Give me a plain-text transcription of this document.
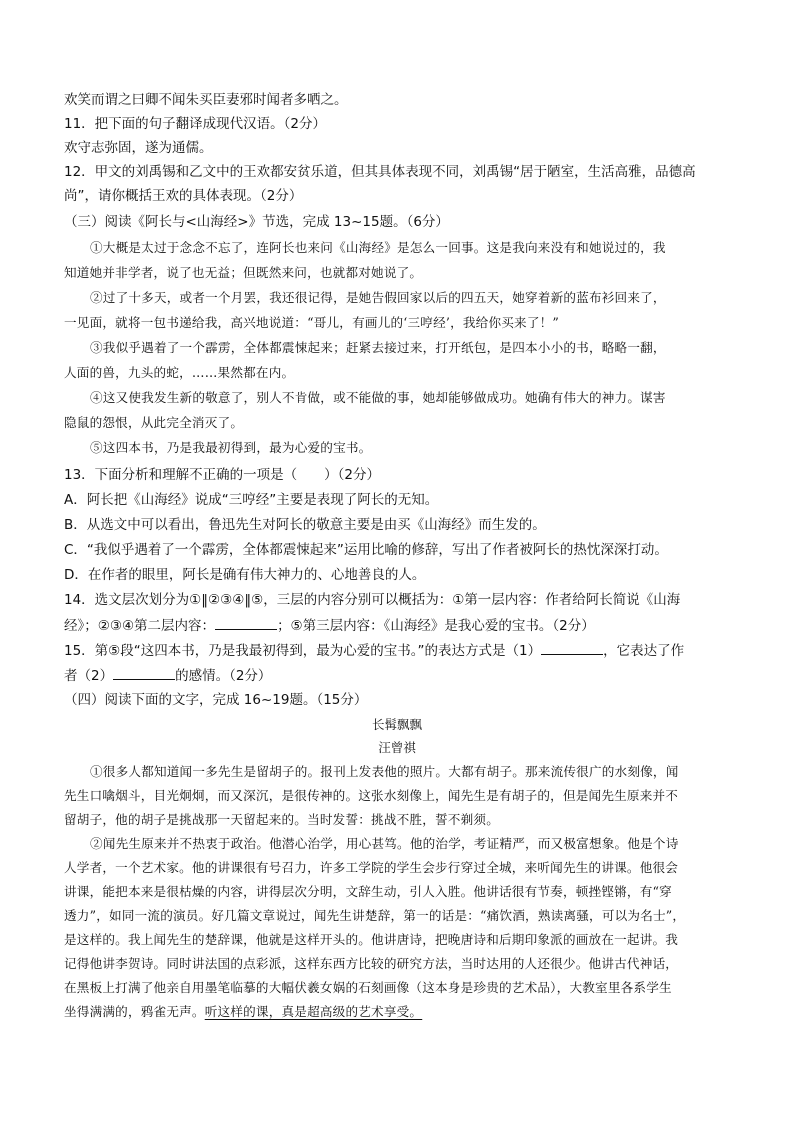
欢笑而谓之曰卿不闻朱买臣妻邪时闻者多哂之。
11．把下面的句子翻译成现代汉语。（2分）
欢守志弥固，遂为通儒。
12．甲文的刘禹锡和乙文中的王欢都安贫乐道，但其具体表现不同，刘禹锡“居于陋室，生活高雅，品德高
尚”，请你概括王欢的具体表现。（2分）
（三）阅读《阿长与<山海经>》节选，完成 13~15题。（6分）
①大概是太过于念念不忘了，连阿长也来问《山海经》是怎么一回事。这是我向来没有和她说过的，我
知道她并非学者，说了也无益；但既然来问，也就都对她说了。
②过了十多天，或者一个月罢，我还很记得，是她告假回家以后的四五天，她穿着新的蓝布衫回来了，
一见面，就将一包书递给我，高兴地说道：“哥儿，有画儿的‘三哼经’，我给你买来了！”
③我似乎遇着了一个霹雳，全体都震悚起来；赶紧去接过来，打开纸包，是四本小小的书，略略一翻，
人面的兽，九头的蛇，……果然都在内。
④这又使我发生新的敬意了，别人不肯做，或不能做的事，她却能够做成功。她确有伟大的神力。谋害
隐鼠的怨恨，从此完全消灭了。
⑤这四本书，乃是我最初得到，最为心爱的宝书。
13．下面分析和理解不正确的一项是（　　）（2分）
A．阿长把《山海经》说成“三哼经”主要是表现了阿长的无知。
B．从选文中可以看出，鲁迅先生对阿长的敬意主要是由买《山海经》而生发的。
C．“我似乎遇着了一个霹雳，全体都震悚起来”运用比喻的修辞，写出了作者被阿长的热忱深深打动。
D．在作者的眼里，阿长是确有伟大神力的、心地善良的人。
14．选文层次划分为①‖②③④‖⑤，三层的内容分别可以概括为：①第一层内容：作者给阿长简说《山海
经》；②③④第二层内容：	；⑤第三层内容：《山海经》是我心爱的宝书。（2分）
15．第⑤段“这四本书，乃是我最初得到，最为心爱的宝书。”的表达方式是（1）	，它表达了作
者（2）	的感情。（2分）
（四）阅读下面的文字，完成 16~19题。（15分）
长髯飘飘
汪曾祺
①很多人都知道闻一多先生是留胡子的。报刊上发表他的照片。大都有胡子。那来流传很广的水刻像，闻
先生口噙烟斗，目光炯炯，而又深沉，是很传神的。这张水刻像上，闻先生是有胡子的，但是闻先生原来并不
留胡子，他的胡子是挑战那一天留起来的。当时发誓：挑战不胜，誓不剃须。
②闻先生原来并不热衷于政治。他潜心治学，用心甚笃。他的治学，考证精严，而又极富想象。他是个诗
人学者，一个艺术家。他的讲课很有号召力，许多工学院的学生会步行穿过全城，来听闻先生的讲课。他很会
讲课，能把本来是很枯燥的内容，讲得层次分明，文辞生动，引人入胜。他讲话很有节奏，顿挫铿锵，有“穿
透力”，如同一流的演员。好几篇文章说过，闻先生讲楚辞，第一的话是：“痛饮酒，熟读离骚，可以为名士”，
是这样的。我上闻先生的楚辞课，他就是这样开头的。他讲唐诗，把晚唐诗和后期印象派的画放在一起讲。我
记得他讲李贺诗。同时讲法国的点彩派，这样东西方比较的研究方法，当时达用的人还很少。他讲古代神话，
在黑板上打满了他亲自用墨笔临摹的大幅伏羲女娲的石刻画像（这本身是珍贵的艺术品），大教室里各系学生
坐得满满的，鸦雀无声。听这样的课，真是超高级的艺术享受。
